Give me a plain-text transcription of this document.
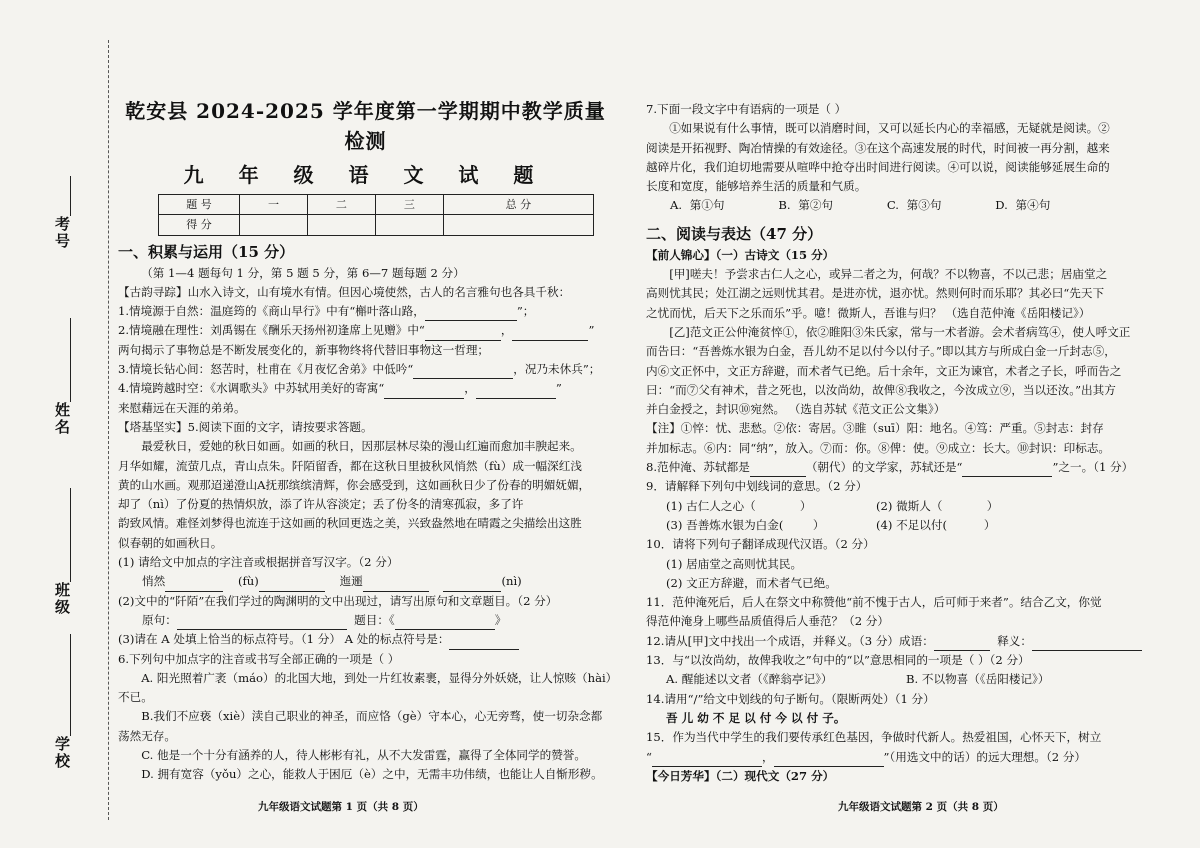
考号
姓名
班级
学校
乾安县 2024-2025 学年度第一学期期中教学质量检测
九 年 级 语 文 试 题
题 号	一	二	三	总 分
得 分				
一、积累与运用（15 分）

（第 1—4 题每句 1 分，第 5 题 5 分，第 6—7 题每题 2 分）

【古韵寻踪】山水入诗文，山有境水有情。但因心境使然，古人的名言雅句也各具千秋：

1.情境源于自然：温庭筠的《商山早行》中有“槲叶落山路，	”；

2.情境融在理性：刘禹锡在《酬乐天扬州初逢席上见赠》中“	，	”

两句揭示了事物总是不断发展变化的，新事物终将代替旧事物这一哲理；

3.情境长钻心间：怒苦时，杜甫在《月夜忆舍弟》中低吟“	，况乃未休兵”；

4.情境跨越时空：《水调歌头》中苏轼用美好的寄寓“	，	”

来慰藉远在天涯的弟弟。

【塔基坚实】5.阅读下面的文字，请按要求答题。

最爱秋日，爱她的秋日如画。如画的秋日，因那层林尽染的漫山红遍而愈加丰腴起来。

月华如耀，流萤几点，青山点朱。阡陌留香，都在这秋日里披秋风悄然（fù）成一幅深红浅

黄的山水画。观那迢递澄山A抚那缤缤清辉，你会感受到，这如画秋日少了份春的明媚妩媚，

却了（nì）了份夏的热情炽放，添了许从容淡定；丢了份冬的清寒孤寂，多了许

韵致风情。难怪刘梦得也流连于这如画的秋回更选之美，兴致盎然地在晴霞之尖描绘出这胜

似春朝的如画秋日。

(1) 请给文中加点的字注音或根据拼音写汉字。（2 分）

悄然	(fù)	迤逦	(nì)

(2)文中的“阡陌”在我们学过的陶渊明的文中出现过，请写出原句和文章题目。（2 分）

原句：	题目：《	》

(3)请在 A 处填上恰当的标点符号。（1 分） A 处的标点符号是：

6.下列句中加点字的注音或书写全部正确的一项是（ ）

A. 阳光照着广袤（máo）的北国大地，到处一片红妆素裹，显得分外妖娆，让人惊赅（hài）

不已。

B.我们不应亵（xiè）渎自己职业的神圣，而应恪（gè）守本心，心无旁骛，使一切杂念都

荡然无存。

C. 他是一个十分有涵养的人，待人彬彬有礼，从不大发雷霆，赢得了全体同学的赞誉。

D. 拥有宽容（yǒu）之心，能救人于困厄（è）之中，无需丰功伟绩，也能让人自惭形秽。

九年级语文试题第 1 页（共 8 页）

7.下面一段文字中有语病的一项是（ ）

①如果说有什么事情，既可以消磨时间，又可以延长内心的幸福感，无疑就是阅读。②

阅读是开拓视野、陶冶情操的有效途径。③在这个高速发展的时代，时间被一再分割，越来

越碎片化，我们迫切地需要从喧哗中抢夺出时间进行阅读。④可以说，阅读能够延展生命的

长度和宽度，能够培养生活的质量和气质。

A. 第①句	B. 第②句	C. 第③句	D. 第④句

二、阅读与表达（47 分）

【前人锦心】（一）古诗文（15 分）

[甲]嗟夫！予尝求古仁人之心，或异二者之为，何哉？不以物喜，不以己悲；居庙堂之

高则忧其民；处江湖之远则忧其君。是进亦忧，退亦忧。然则何时而乐耶？其必曰“先天下

之忧而忧，后天下之乐而乐”乎。噫！微斯人，吾谁与归？ （选自范仲淹《岳阳楼记》）

[乙]范文正公仲淹贫悴①，依②睢阳③朱氏家，常与一术者游。会术者病笃④，使人呼文正

而告曰：“吾善炼水银为白金，吾儿幼不足以付今以付子。”即以其方与所成白金一斤封志⑤，

内⑥文正怀中，文正方辞避，而术者气已绝。后十余年，文正为谏官，术者之子长，呼而告之

曰：“而⑦父有神术，昔之死也，以汝尚幼，故俾⑧我收之，今汝成立⑨，当以还汝。”出其方

并白金授之，封识⑩宛然。 （选自苏轼《范文正公文集》）

【注】①悴：忧、悲愁。②依：寄居。③睢（suī）阳：地名。④笃：严重。⑤封志：封存

并加标志。⑥内：同“纳”，放入。⑦而：你。⑧俾：使。⑨成立：长大。⑩封识：印标志。

8.范仲淹、苏轼都是	（朝代）的文学家，苏轼还是“	”之一。（1 分）

9．请解释下列句中划线词的意思。（2 分）

(1) 古仁人之心（            ）	(2) 微斯人（            ）

(3) 吾善炼水银为白金(        ）	(4) 不足以付(          ）

10．请将下列句子翻译成现代汉语。（2 分）

(1) 居庙堂之高则忧其民。

(2) 文正方辞避，而术者气已绝。

11．范仲淹死后，后人在祭文中称赞他“前不愧于古人，后可师于来者”。结合乙文，你觉

得范仲淹身上哪些品质值得后人垂范？（2 分）

12.请从[甲]文中找出一个成语，并释义。（3 分）成语：	释义：

13．与“以汝尚幼，故俾我收之”句中的“以”意思相同的一项是（ ）（2 分）

A. 醒能述以文者（《醉翁亭记》）	B. 不以物喜（《岳阳楼记》）

14.请用“/”给文中划线的句子断句。（限断两处）（1 分）

吾 儿 幼 不 足 以 付 今 以 付 子。

15．作为当代中学生的我们要传承红色基因，争做时代新人。热爱祖国，心怀天下，树立

“	，	”（用选文中的话）的远大理想。（2 分）

【今日芳华】（二）现代文（27 分）

九年级语文试题第 2 页（共 8 页）
